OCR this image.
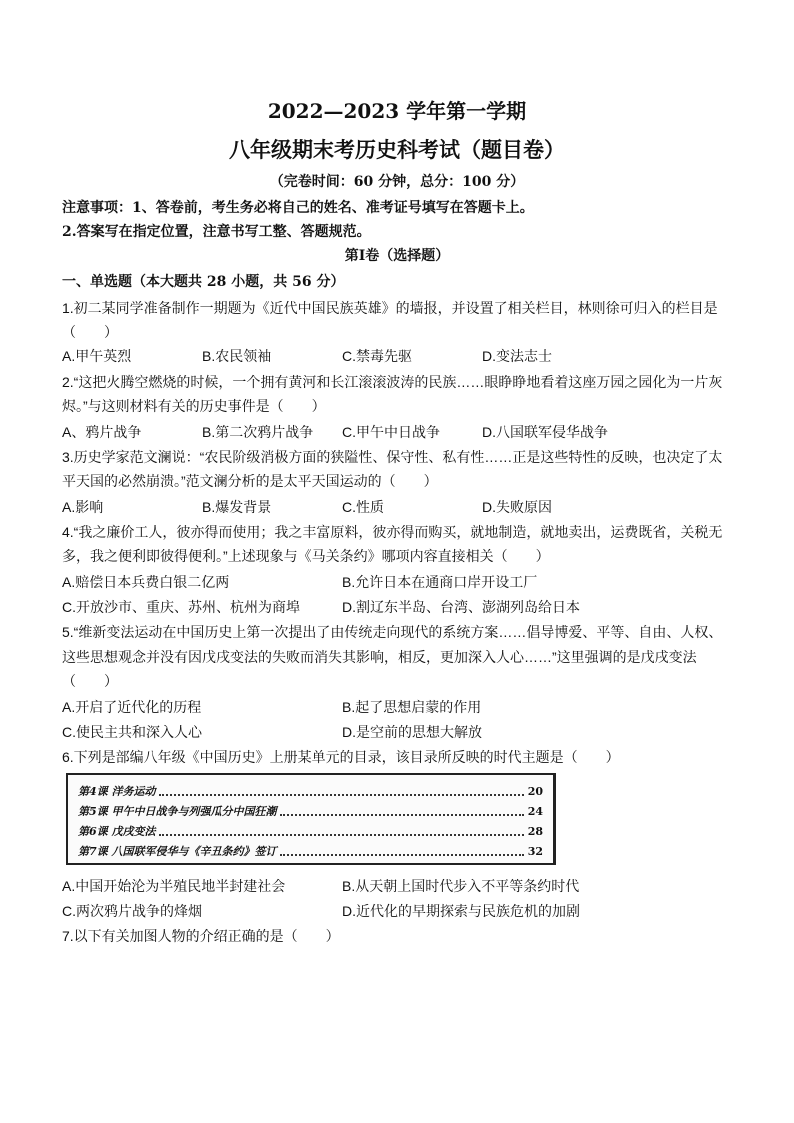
2022—2023 学年第一学期
八年级期末考历史科考试（题目卷）
（完卷时间：60 分钟，总分：100 分）
注意事项：1、答卷前，考生务必将自己的姓名、准考证号填写在答题卡上。
2.答案写在指定位置，注意书写工整、答题规范。
第Ⅰ卷（选择题）
一、单选题（本大题共 28 小题，共 56 分）
1.初二某同学准备制作一期题为《近代中国民族英雄》的墙报，并设置了相关栏目，林则徐可归入的栏目是
（　　）
A.甲午英烈	B.农民领袖	C.禁毒先驱	D.变法志士
2.“这把火腾空燃烧的时候，一个拥有黄河和长江滚滚波涛的民族……眼睁睁地看着这座万园之园化为一片灰
烬。”与这则材料有关的历史事件是（　　）
A、鸦片战争	B.第二次鸦片战争 C.甲午中日战争	D.八国联军侵华战争
3.历史学家范文澜说：“农民阶级消极方面的狭隘性、保守性、私有性……正是这些特性的反映，也决定了太
平天国的必然崩溃。”范文澜分析的是太平天国运动的（　　）
A.影响	B.爆发背景	C.性质	D.失败原因
4.“我之廉价工人，彼亦得而使用；我之丰富原料，彼亦得而购买，就地制造，就地卖出，运费既省，关税无
多，我之便利即彼得便利。”上述现象与《马关条约》哪项内容直接相关（　　）
A.赔偿日本兵费白银二亿两	B.允许日本在通商口岸开设工厂
C.开放沙市、重庆、苏州、杭州为商埠	D.割辽东半岛、台湾、澎湖列岛给日本
5.“维新变法运动在中国历史上第一次提出了由传统走向现代的系统方案……倡导博爱、平等、自由、人权、
这些思想观念并没有因戊戌变法的失败而消失其影响，相反，更加深入人心……”这里强调的是戊戌变法
（　　）
A.开启了近代化的历程	B.起了思想启蒙的作用
C.使民主共和深入人心	D.是空前的思想大解放
6.下列是部编八年级《中国历史》上册某单元的目录，该目录所反映的时代主题是（　　）
第4课 洋务运动	20
第5课 甲午中日战争与列强瓜分中国狂潮	24
第6课 戊戌变法	28
第7课 八国联军侵华与《辛丑条约》签订	32
A.中国开始沦为半殖民地半封建社会	B.从天朝上国时代步入不平等条约时代
C.两次鸦片战争的烽烟	D.近代化的早期探索与民族危机的加剧
7.以下有关加图人物的介绍正确的是（　　）
